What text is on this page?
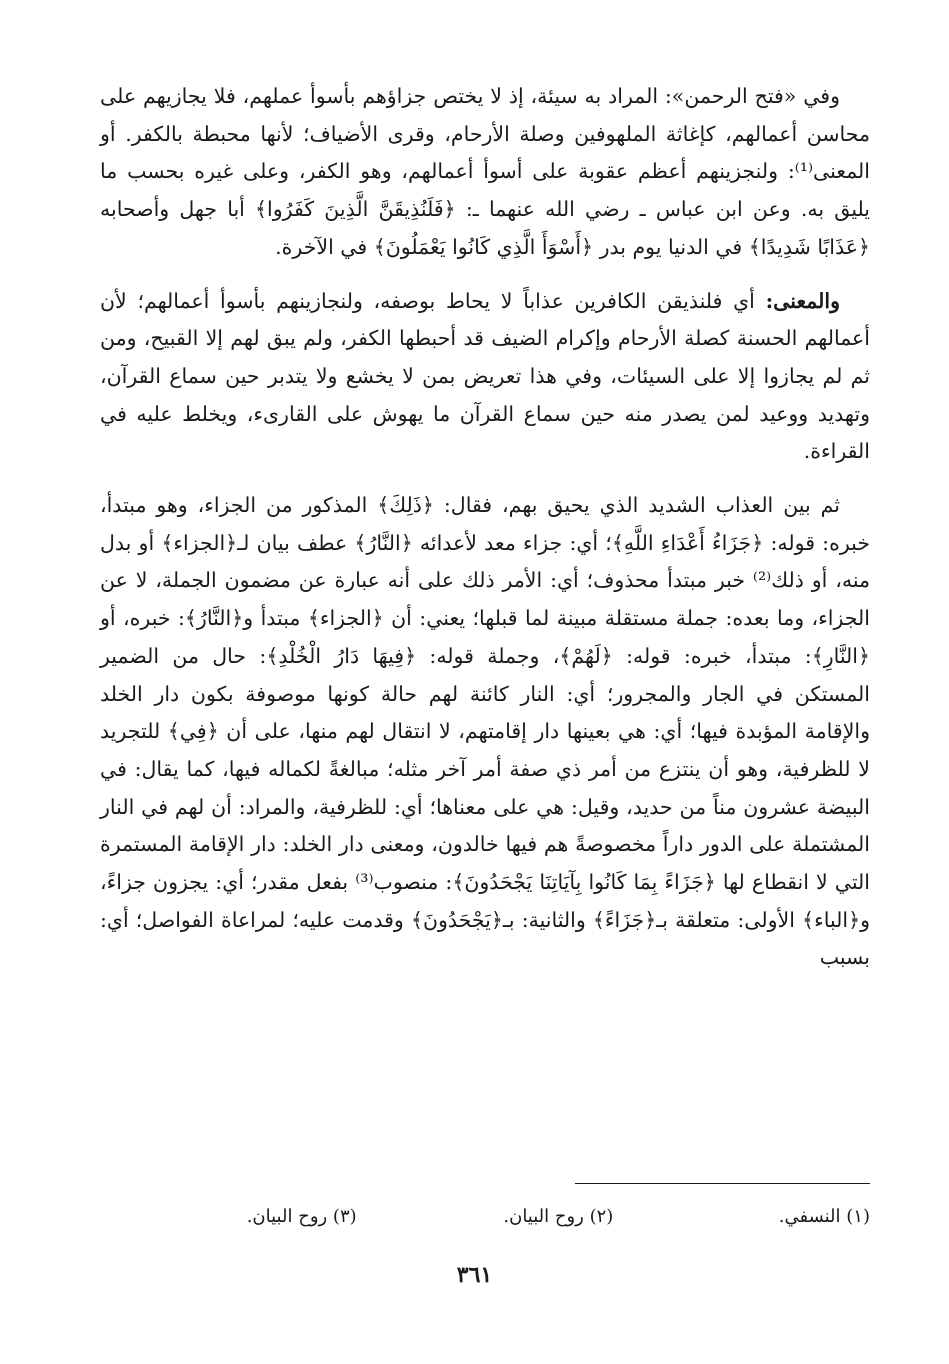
وفي «فتح الرحمن»: المراد به سيئة، إذ لا يختص جزاؤهم بأسوأ عملهم، فلا يجازيهم على محاسن أعمالهم، كإغاثة الملهوفين وصلة الأرحام، وقرى الأضياف؛ لأنها محبطة بالكفر. أو المعنى⁽¹⁾: ولنجزينهم أعظم عقوبة على أسوأ أعمالهم، وهو الكفر، وعلى غيره بحسب ما يليق به. وعن ابن عباس ـ رضي الله عنهما ـ: ﴿فَلَنُذِيقَنَّ الَّذِينَ كَفَرُوا﴾ أبا جهل وأصحابه ﴿عَذَابًا شَدِيدًا﴾ في الدنيا يوم بدر ﴿أَسْوَأَ الَّذِي كَانُوا يَعْمَلُونَ﴾ في الآخرة.

والمعنى: أي فلنذيقن الكافرين عذاباً لا يحاط بوصفه، ولنجازينهم بأسوأ أعمالهم؛ لأن أعمالهم الحسنة كصلة الأرحام وإكرام الضيف قد أحبطها الكفر، ولم يبق لهم إلا القبيح، ومن ثم لم يجازوا إلا على السيئات، وفي هذا تعريض بمن لا يخشع ولا يتدبر حين سماع القرآن، وتهديد ووعيد لمن يصدر منه حين سماع القرآن ما يهوش على القارىء، ويخلط عليه في القراءة.

ثم بين العذاب الشديد الذي يحيق بهم، فقال: ﴿ذَلِكَ﴾ المذكور من الجزاء، وهو مبتدأ، خبره: قوله: ﴿جَزَاءُ أَعْدَاءِ اللَّهِ﴾؛ أي: جزاء معد لأعدائه ﴿النَّارُ﴾ عطف بيان لـ﴿الجزاء﴾ أو بدل منه، أو ذلك⁽²⁾ خبر مبتدأ محذوف؛ أي: الأمر ذلك على أنه عبارة عن مضمون الجملة، لا عن الجزاء، وما بعده: جملة مستقلة مبينة لما قبلها؛ يعني: أن ﴿الجزاء﴾ مبتدأ و﴿النَّارُ﴾: خبره، أو ﴿النَّارِ﴾: مبتدأ، خبره: قوله: ﴿لَهُمْ﴾، وجملة قوله: ﴿فِيهَا دَارُ الْخُلْدِ﴾: حال من الضمير المستكن في الجار والمجرور؛ أي: النار كائنة لهم حالة كونها موصوفة بكون دار الخلد والإقامة المؤبدة فيها؛ أي: هي بعينها دار إقامتهم، لا انتقال لهم منها، على أن ﴿فِي﴾ للتجريد لا للظرفية، وهو أن ينتزع من أمر ذي صفة أمر آخر مثله؛ مبالغةً لكماله فيها، كما يقال: في البيضة عشرون مناً من حديد، وقيل: هي على معناها؛ أي: للظرفية، والمراد: أن لهم في النار المشتملة على الدور داراً مخصوصةً هم فيها خالدون، ومعنى دار الخلد: دار الإقامة المستمرة التي لا انقطاع لها ﴿جَزَاءً بِمَا كَانُوا بِآيَاتِنَا يَجْحَدُونَ﴾: منصوب⁽³⁾ بفعل مقدر؛ أي: يجزون جزاءً، و﴿الباء﴾ الأولى: متعلقة بـ﴿جَزَاءً﴾ والثانية: بـ﴿يَجْحَدُونَ﴾ وقدمت عليه؛ لمراعاة الفواصل؛ أي: بسبب

(١) النسفي.
(٢) روح البيان.
(٣) روح البيان.
٣٦١
